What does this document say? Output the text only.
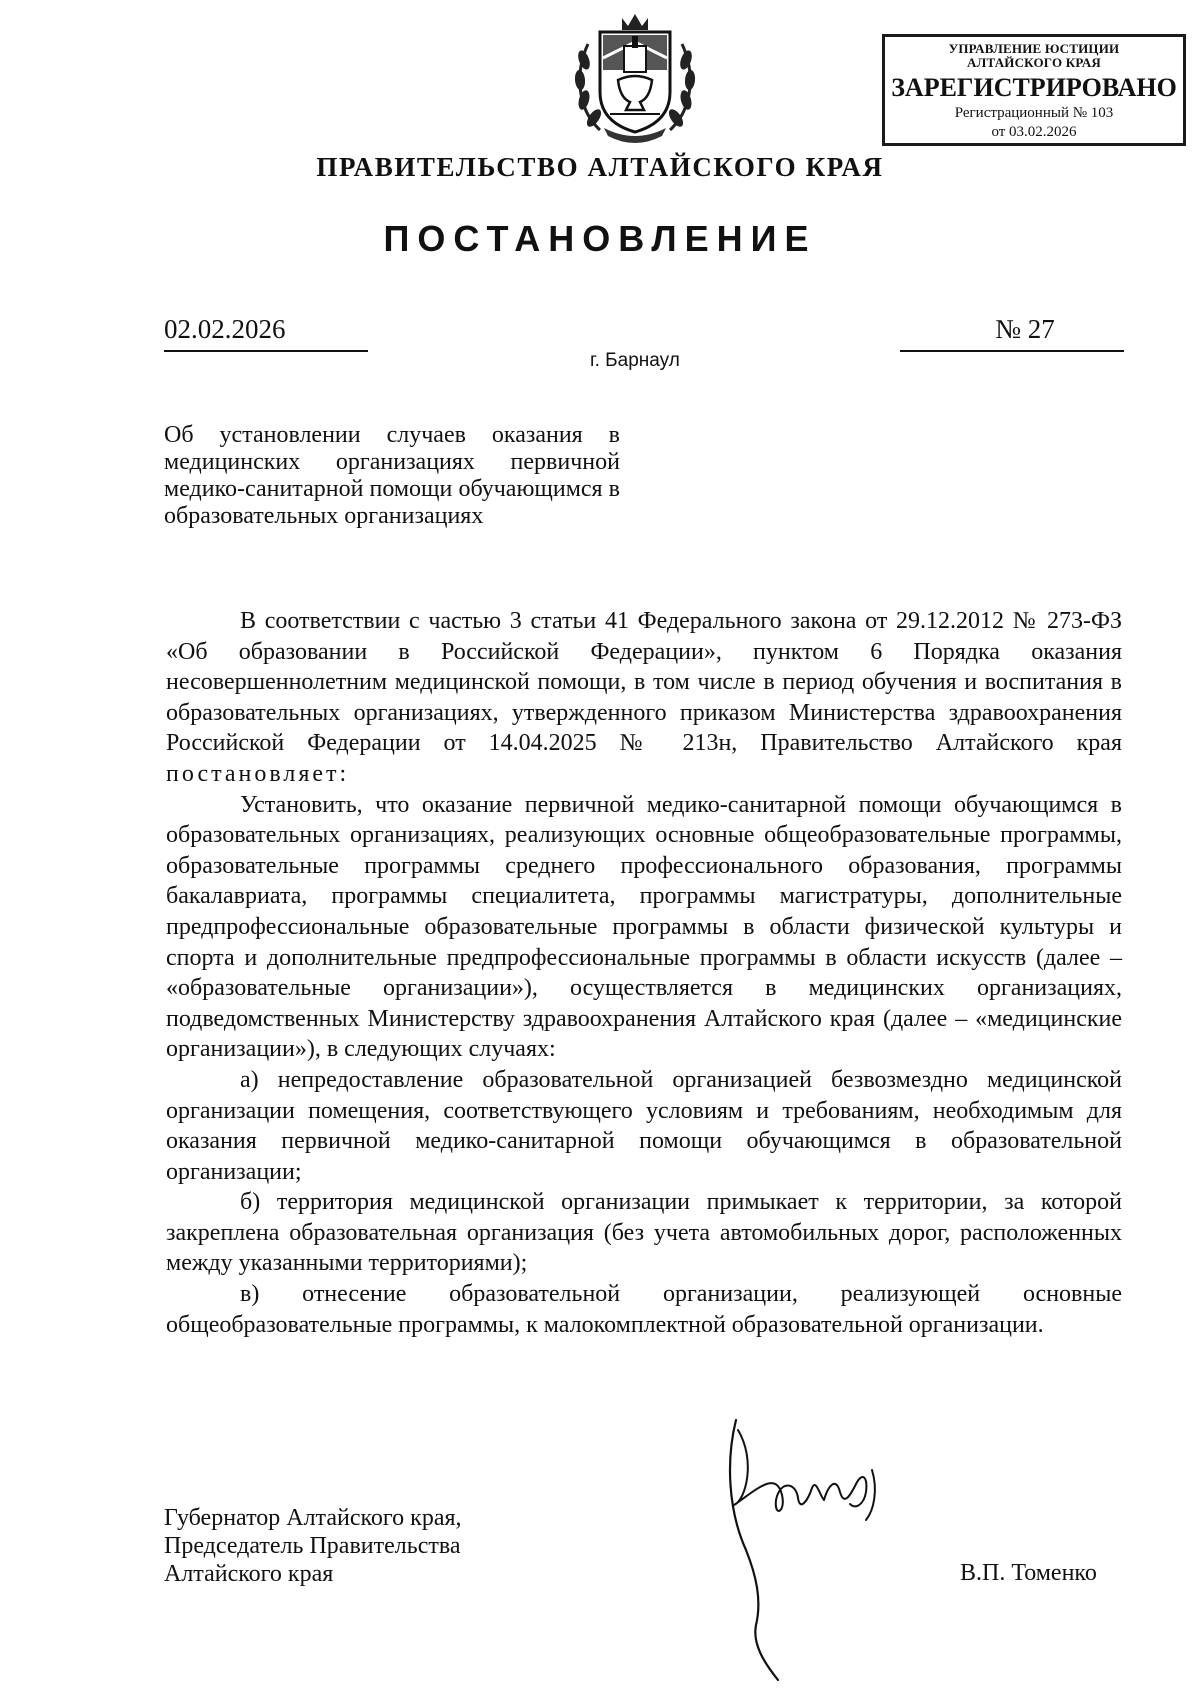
УПРАВЛЕНИЕ ЮСТИЦИИ
АЛТАЙСКОГО КРАЯ
ЗАРЕГИСТРИРОВАНО
Регистрационный № 103
от 03.02.2026
ПРАВИТЕЛЬСТВО АЛТАЙСКОГО КРАЯ
ПОСТАНОВЛЕНИЕ
02.02.2026	№ 27
г. Барнаул
Об установлении случаев оказания в медицинских организациях первичной медико-санитарной помощи обучающимся в образовательных организациях

В соответствии с частью 3 статьи 41 Федерального закона от 29.12.2012 № 273-ФЗ «Об образовании в Российской Федерации», пунктом 6 Порядка оказания несовершеннолетним медицинской помощи, в том числе в период обучения и воспитания в образовательных организациях, утвержденного приказом Министерства здравоохранения Российской Федерации от 14.04.2025 № 213н, Правительство Алтайского края постановляет:

Установить, что оказание первичной медико-санитарной помощи обучающимся в образовательных организациях, реализующих основные общеобразовательные программы, образовательные программы среднего профессионального образования, программы бакалавриата, программы специалитета, программы магистратуры, дополнительные предпрофессиональные образовательные программы в области физической культуры и спорта и дополнительные предпрофессиональные программы в области искусств (далее – «образовательные организации»), осуществляется в медицинских организациях, подведомственных Министерству здравоохранения Алтайского края (далее – «медицинские организации»), в следующих случаях:

а) непредоставление образовательной организацией безвозмездно медицинской организации помещения, соответствующего условиям и требованиям, необходимым для оказания первичной медико-санитарной помощи обучающимся в образовательной организации;

б) территория медицинской организации примыкает к территории, за которой закреплена образовательная организация (без учета автомобильных дорог, расположенных между указанными территориями);

в) отнесение образовательной организации, реализующей основные общеобразовательные программы, к малокомплектной образовательной организации.

Губернатор Алтайского края,
Председатель Правительства
Алтайского края	В.П. Томенко
